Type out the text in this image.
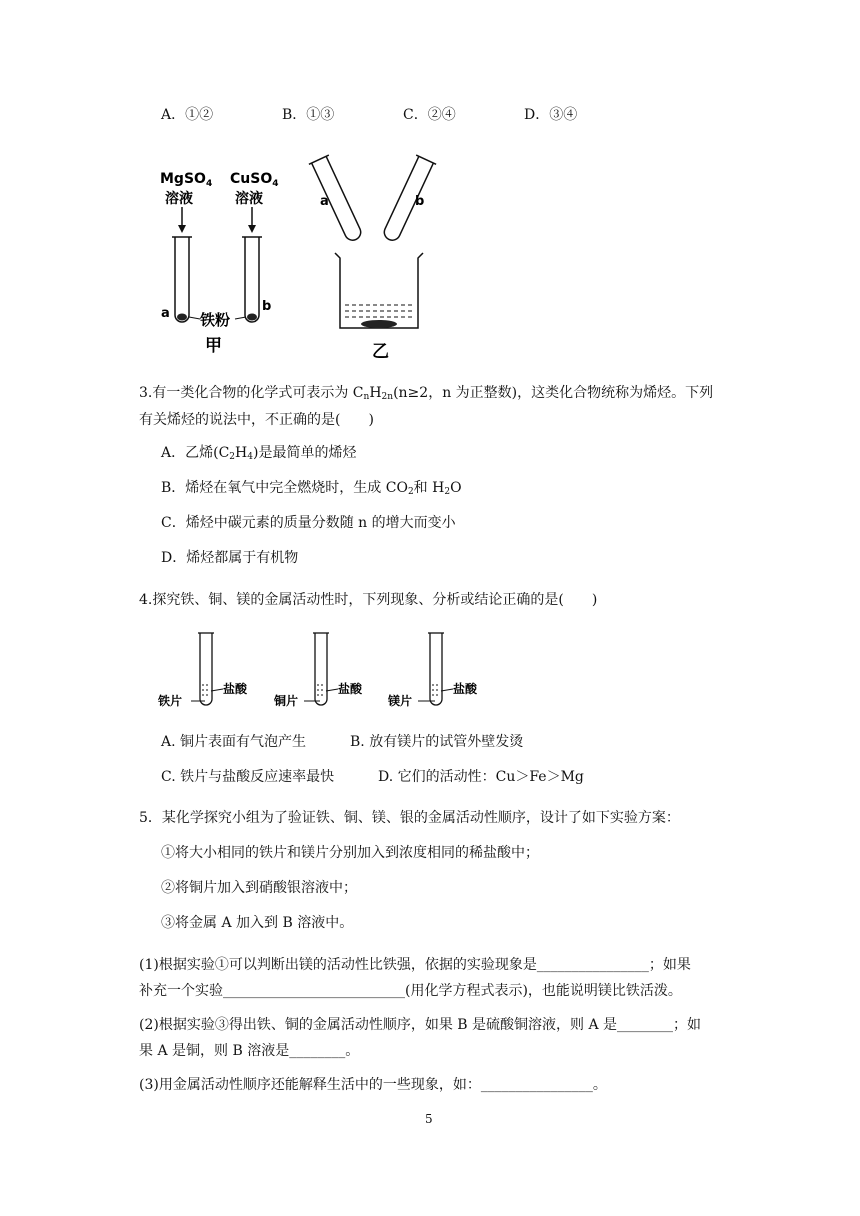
A．①②	B．①③	C．②④	D．③④
MgSO$_4$
溶液
CuSO$_4$
溶液
a	b
铁粉
甲
a	b
乙
3.有一类化合物的化学式可表示为 $C_nH_{2n}(n\ge 2$，n 为正整数)，这类化合物统称为烯烃。下列
有关烯烃的说法中，不正确的是(　　)
A．乙烯$(C_2H_4)$是最简单的烯烃
B．烯烃在氧气中完全燃烧时，生成 $CO_2$和 $H_2O$
C．烯烃中碳元素的质量分数随 n 的增大而变小
D．烯烃都属于有机物
4.探究铁、铜、镁的金属活动性时，下列现象、分析或结论正确的是(　　)
铁片
盐酸
铜片
盐酸
镁片
盐酸
A. 铜片表面有气泡产生	B. 放有镁片的试管外壁发烫
C. 铁片与盐酸反应速率最快	D. 它们的活动性：Cu＞Fe＞Mg
5．某化学探究小组为了验证铁、铜、镁、银的金属活动性顺序，设计了如下实验方案：
①将大小相同的铁片和镁片分别加入到浓度相同的稀盐酸中；
②将铜片加入到硝酸银溶液中；
③将金属 A 加入到 B 溶液中。
(1)根据实验①可以判断出镁的活动性比铁强，依据的实验现象是________________；如果
补充一个实验__________________________(用化学方程式表示)，也能说明镁比铁活泼。
(2)根据实验③得出铁、铜的金属活动性顺序，如果 B 是硫酸铜溶液，则 A 是________；如
果 A 是铜，则 B 溶液是________。
(3)用金属活动性顺序还能解释生活中的一些现象，如：________________。
5
